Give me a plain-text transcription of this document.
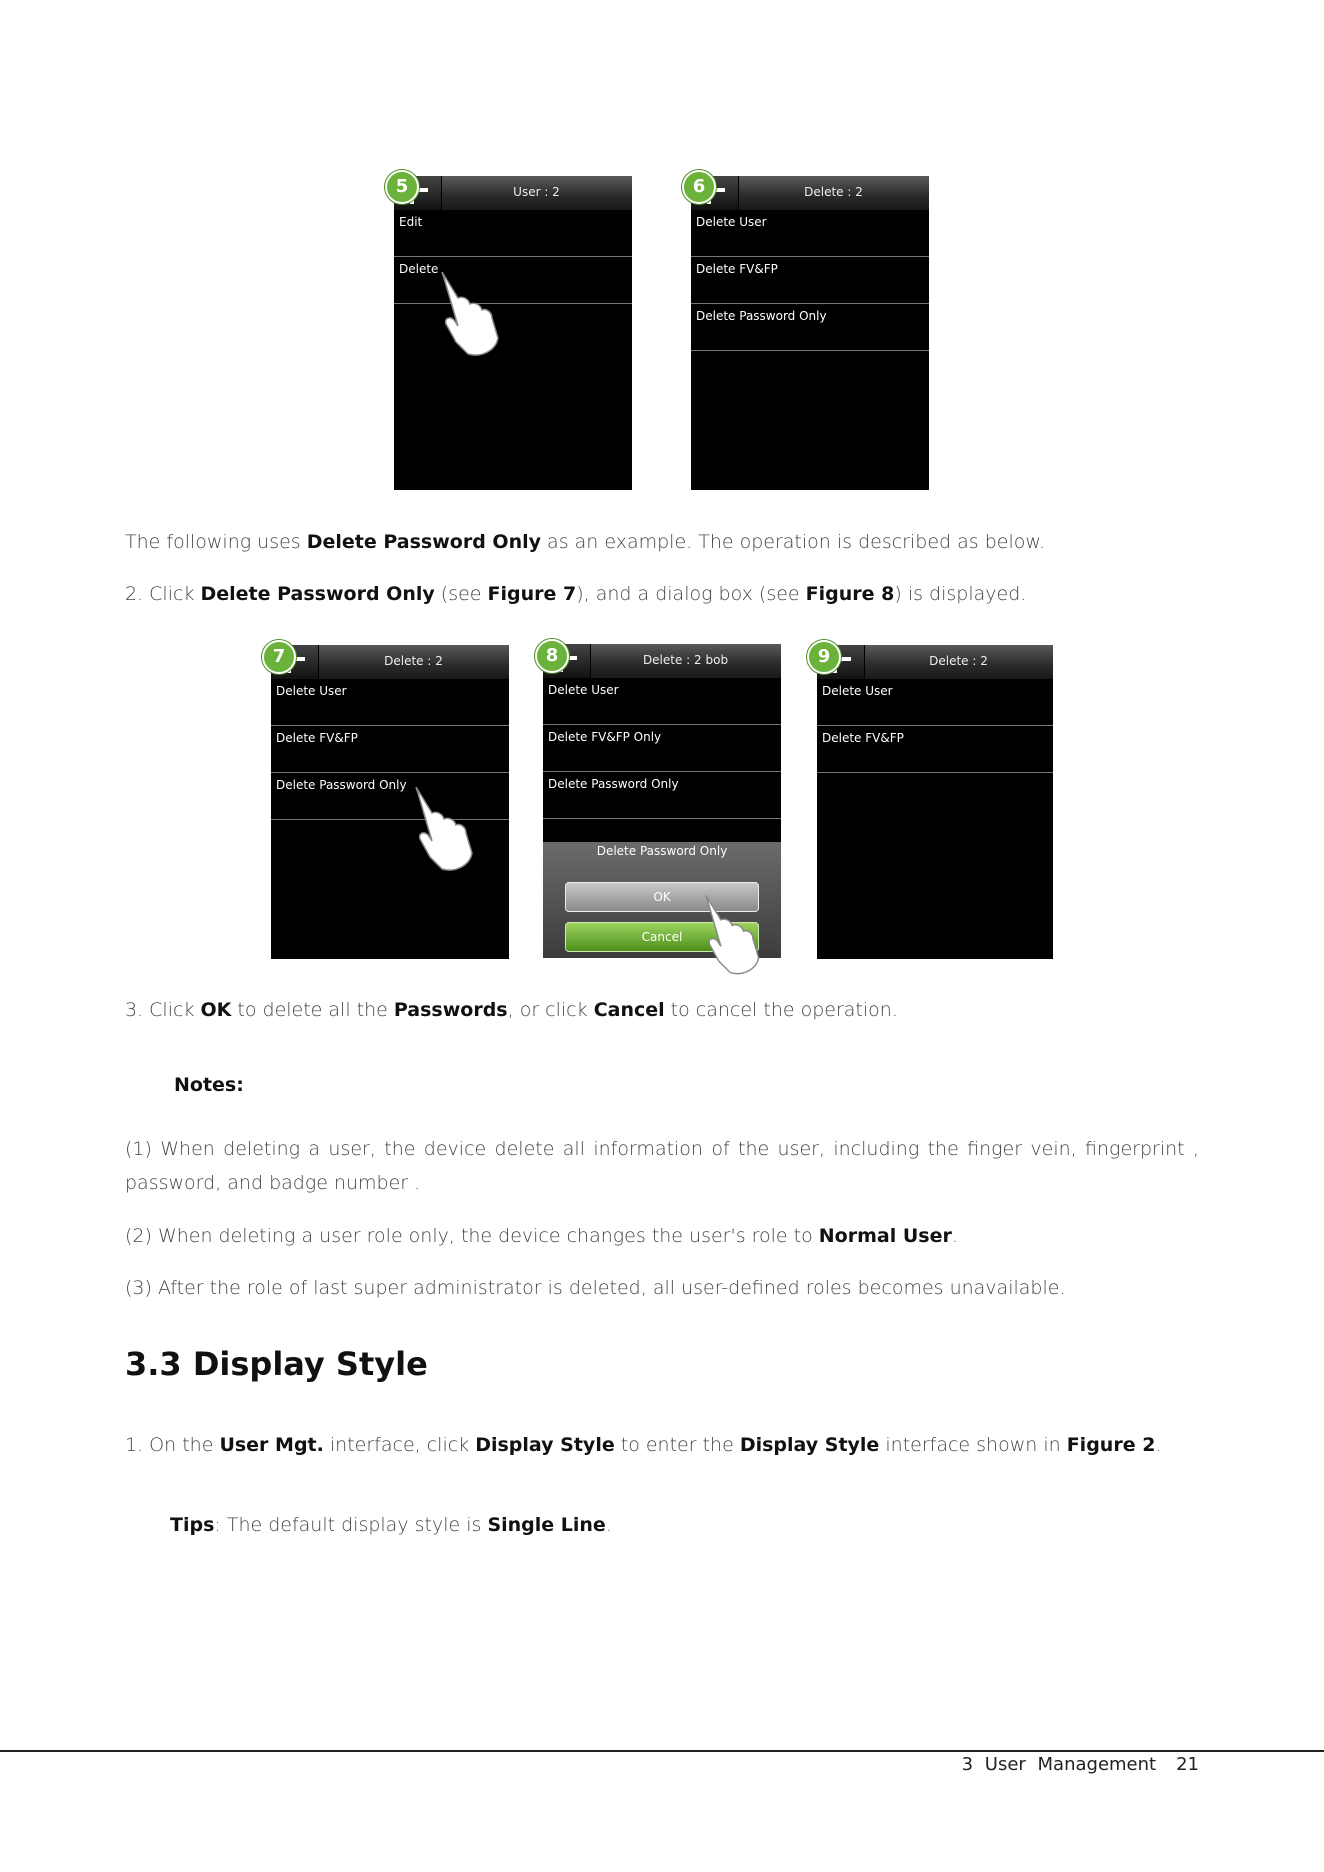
5	User : 2
Edit
Delete
6	Delete : 2
Delete User
Delete FV&FP
Delete Password Only
The following uses Delete Password Only as an example. The operation is described as below.
2. Click Delete Password Only (see Figure 7), and a dialog box (see Figure 8) is displayed.
7	Delete : 2
Delete User
Delete FV&FP
Delete Password Only
8	Delete : 2 bob
Delete User
Delete FV&FP Only
Delete Password Only
Delete Password Only
OK
Cancel
9	Delete : 2
Delete User
Delete FV&FP
3. Click OK to delete all the Passwords, or click Cancel to cancel the operation.
Notes:
(1) When deleting a user, the device delete all information of the user, including the finger vein, fingerprint , password, and badge number .
(2) When deleting a user role only, the device changes the user's role to Normal User.
(3) After the role of last super administrator is deleted, all user-defined roles becomes unavailable.
3.3 Display Style
1. On the User Mgt. interface, click Display Style to enter the Display Style interface shown in Figure 2.
Tips: The default display style is Single Line.
3 User Management 21
